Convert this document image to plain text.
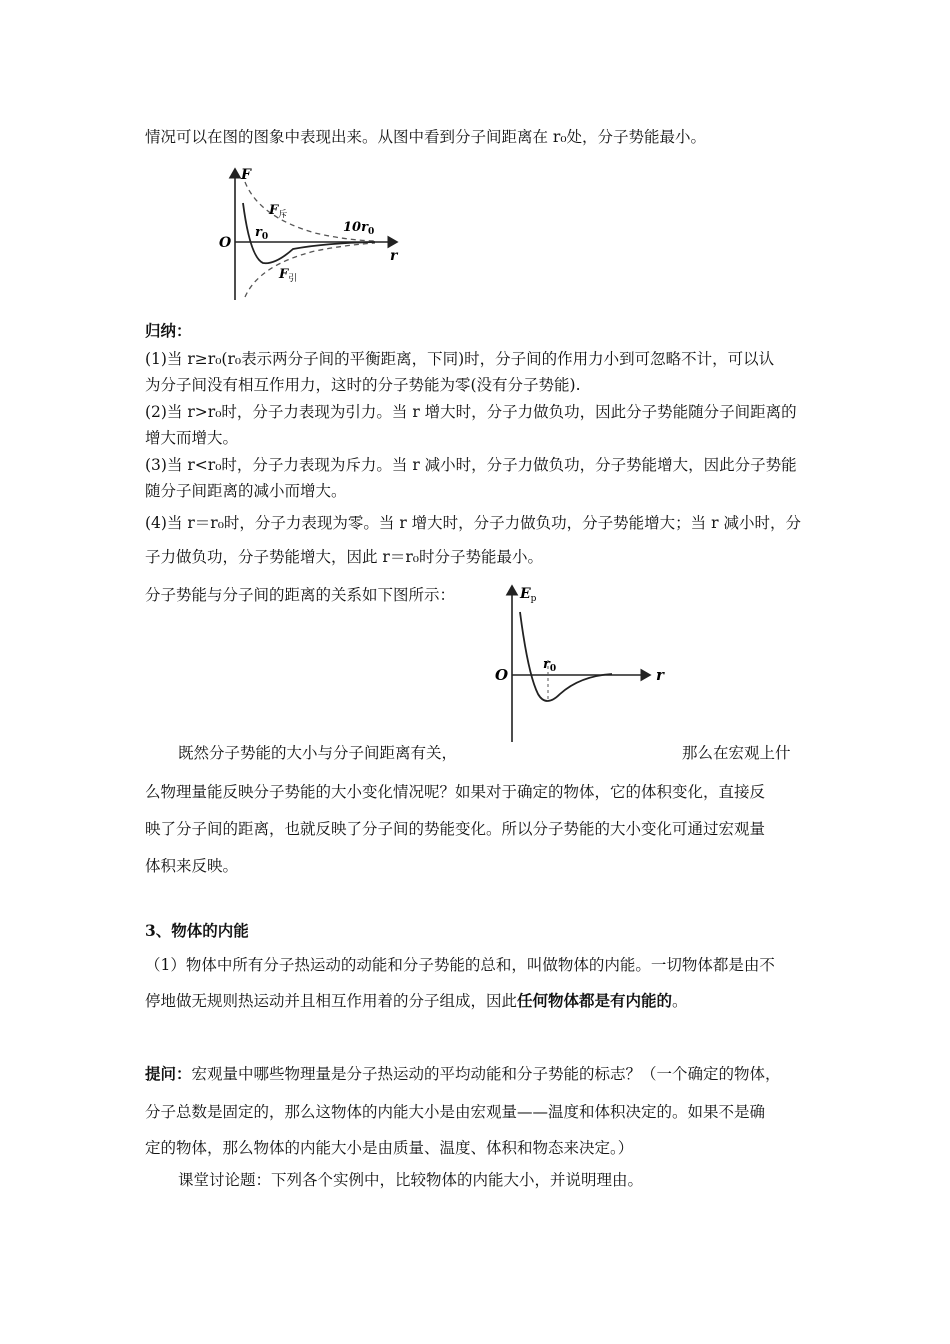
情况可以在图的图象中表现出来。从图中看到分子间距离在 r₀处，分子势能最小。
F
$F_斥$
$r_0$
$10r_0$
O
r
$F_引$
归纳：
(1)当 r≥r₀(r₀表示两分子间的平衡距离，下同)时，分子间的作用力小到可忽略不计，可以认
为分子间没有相互作用力，这时的分子势能为零(没有分子势能).
(2)当 r>r₀时，分子力表现为引力。当 r 增大时，分子力做负功，因此分子势能随分子间距离的
增大而增大。
(3)当 r<r₀时，分子力表现为斥力。当 r 减小时，分子力做负功，分子势能增大，因此分子势能
随分子间距离的减小而增大。
(4)当 r＝r₀时，分子力表现为零。当 r 增大时，分子力做负功，分子势能增大；当 r 减小时，分
子力做负功，分子势能增大，因此 r＝r₀时分子势能最小。
分子势能与分子间的距离的关系如下图所示：	$E_p$
O
$r_0$	r
既然分子势能的大小与分子间距离有关，	那么在宏观上什
么物理量能反映分子势能的大小变化情况呢？如果对于确定的物体，它的体积变化，直接反
映了分子间的距离，也就反映了分子间的势能变化。所以分子势能的大小变化可通过宏观量
体积来反映。
3、物体的内能
（1）物体中所有分子热运动的动能和分子势能的总和，叫做物体的内能。一切物体都是由不
停地做无规则热运动并且相互作用着的分子组成，因此任何物体都是有内能的。
提问：宏观量中哪些物理量是分子热运动的平均动能和分子势能的标志？（一个确定的物体，
分子总数是固定的，那么这物体的内能大小是由宏观量——温度和体积决定的。如果不是确
定的物体，那么物体的内能大小是由质量、温度、体积和物态来决定。）
课堂讨论题：下列各个实例中，比较物体的内能大小，并说明理由。
